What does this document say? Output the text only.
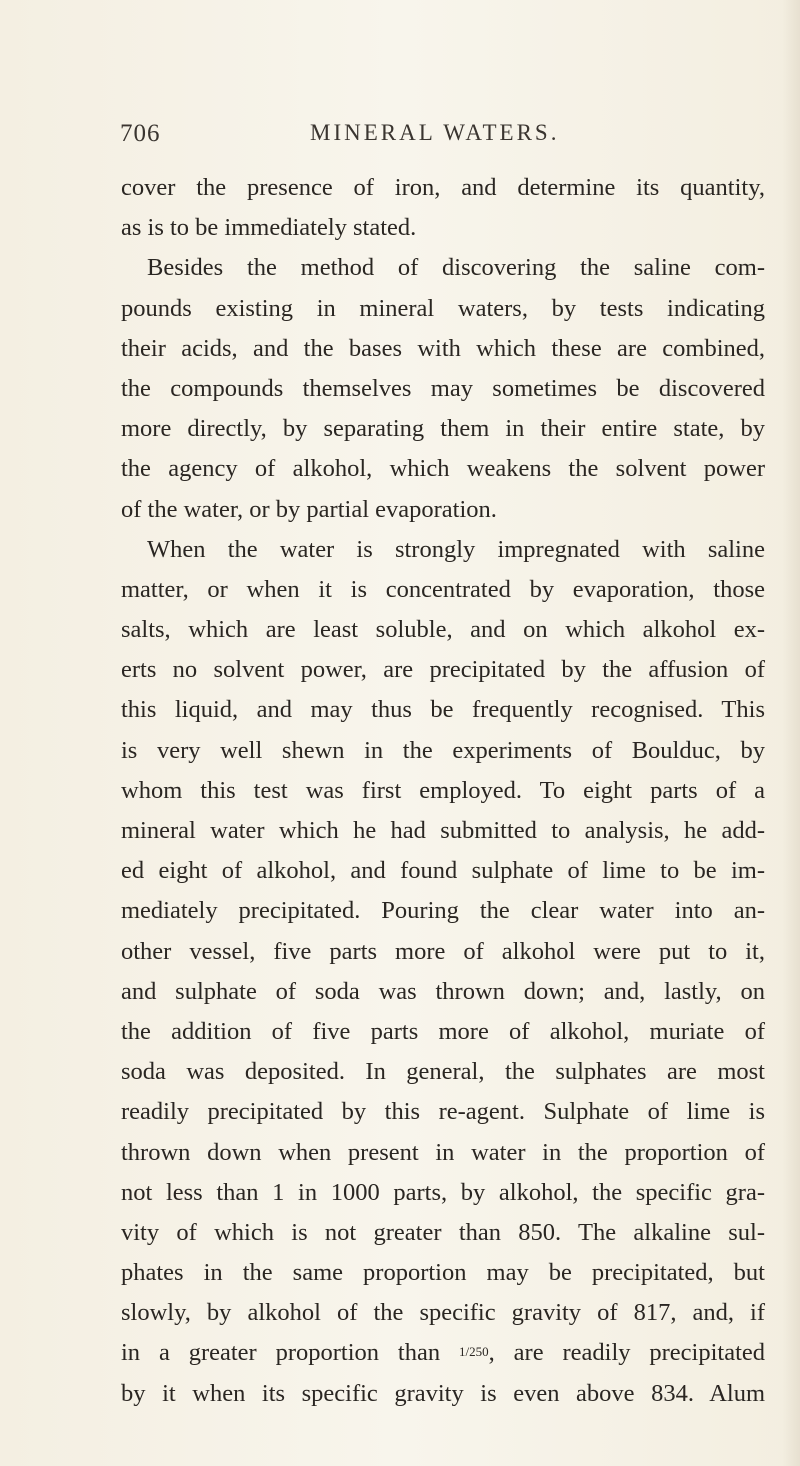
706	MINERAL WATERS.
cover the presence of iron, and determine its quantity,
as is to be immediately stated.
Besides the method of discovering the saline com-
pounds existing in mineral waters, by tests indicating
their acids, and the bases with which these are combined,
the compounds themselves may sometimes be discovered
more directly, by separating them in their entire state, by
the agency of alkohol, which weakens the solvent power
of the water, or by partial evaporation.
When the water is strongly impregnated with saline
matter, or when it is concentrated by evaporation, those
salts, which are least soluble, and on which alkohol ex-
erts no solvent power, are precipitated by the affusion of
this liquid, and may thus be frequently recognised. This
is very well shewn in the experiments of Boulduc, by
whom this test was first employed. To eight parts of a
mineral water which he had submitted to analysis, he add-
ed eight of alkohol, and found sulphate of lime to be im-
mediately precipitated. Pouring the clear water into an-
other vessel, five parts more of alkohol were put to it,
and sulphate of soda was thrown down; and, lastly, on
the addition of five parts more of alkohol, muriate of
soda was deposited. In general, the sulphates are most
readily precipitated by this re-agent. Sulphate of lime is
thrown down when present in water in the proportion of
not less than 1 in 1000 parts, by alkohol, the specific gra-
vity of which is not greater than 850. The alkaline sul-
phates in the same proportion may be precipitated, but
slowly, by alkohol of the specific gravity of 817, and, if
in a greater proportion than 1/250, are readily precipitated
by it when its specific gravity is even above 834. Alum
